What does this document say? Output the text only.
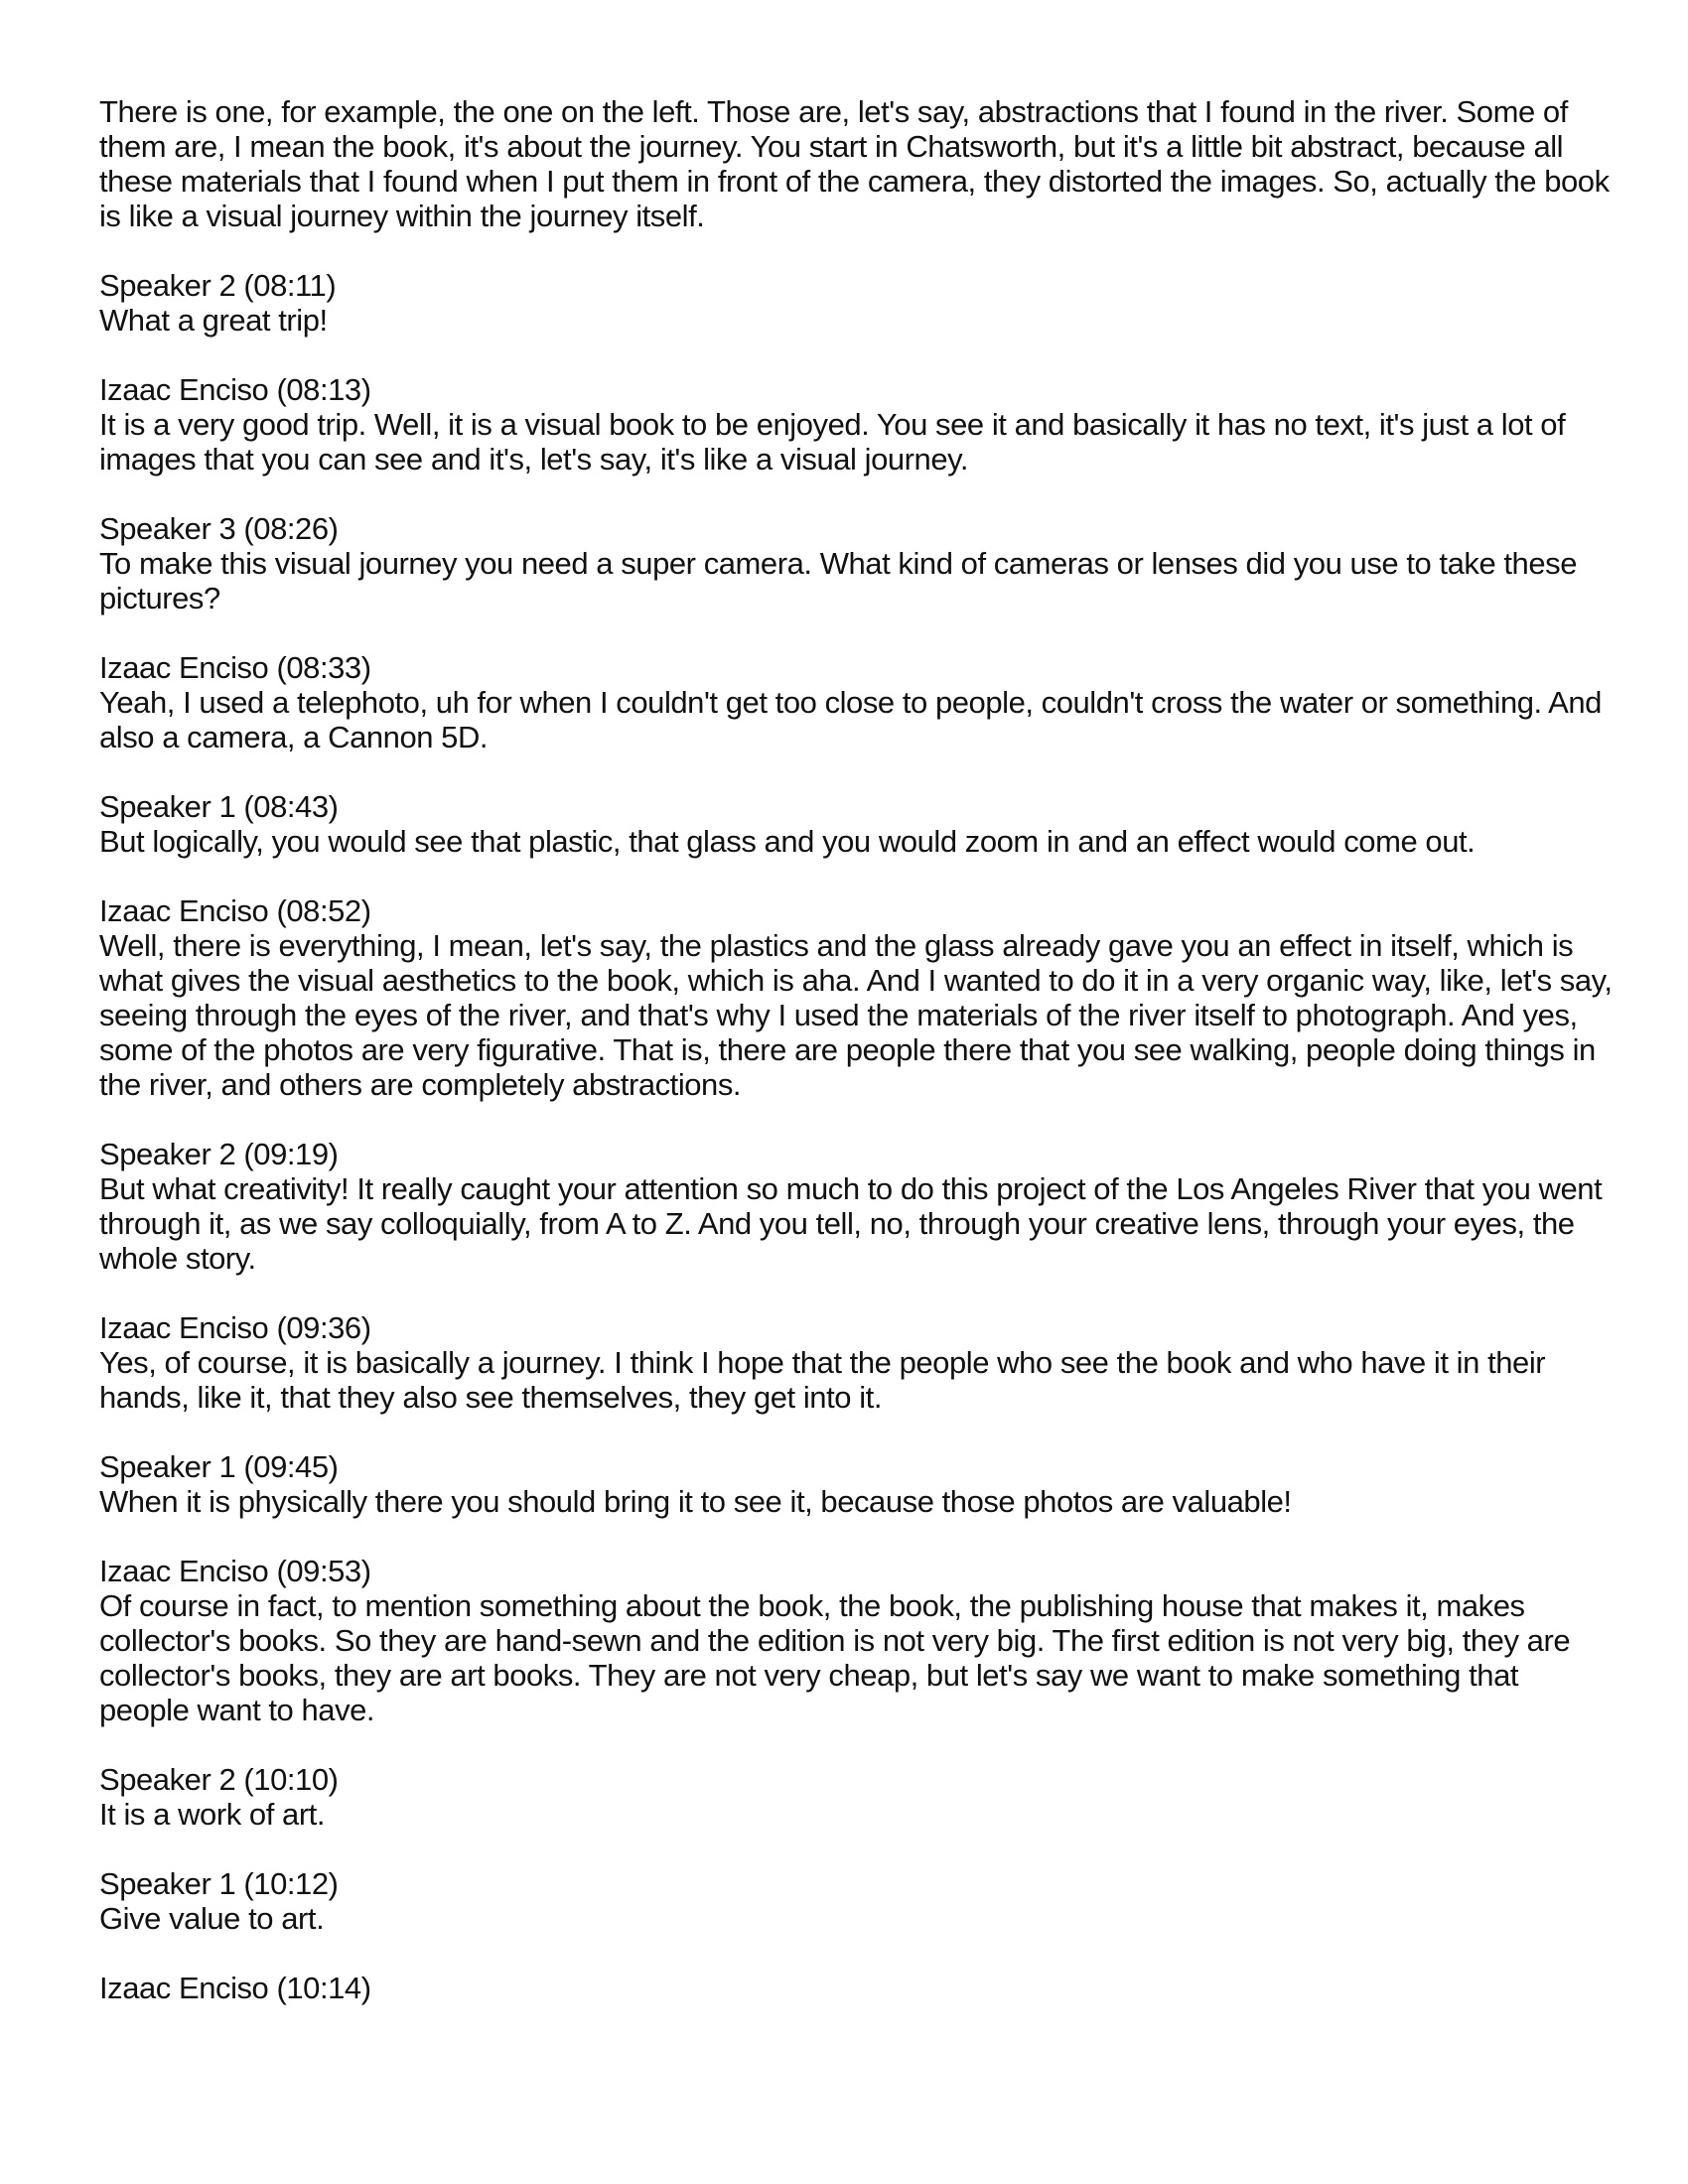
There is one, for example, the one on the left. Those are, let's say, abstractions that I found in the river. Some of them are, I mean the book, it's about the journey. You start in Chatsworth, but it's a little bit abstract, because all these materials that I found when I put them in front of the camera, they distorted the images. So, actually the book is like a visual journey within the journey itself.
Speaker 2 (08:11)
What a great trip!
Izaac Enciso (08:13)
It is a very good trip. Well, it is a visual book to be enjoyed. You see it and basically it has no text, it's just a lot of images that you can see and it's, let's say, it's like a visual journey.
Speaker 3 (08:26)
To make this visual journey you need a super camera. What kind of cameras or lenses did you use to take these pictures?
Izaac Enciso (08:33)
Yeah, I used a telephoto, uh for when I couldn't get too close to people, couldn't cross the water or something. And also a camera, a Cannon 5D.
Speaker 1 (08:43)
But logically, you would see that plastic, that glass and you would zoom in and an effect would come out.
Izaac Enciso (08:52)
Well, there is everything, I mean, let's say, the plastics and the glass already gave you an effect in itself, which is what gives the visual aesthetics to the book, which is aha. And I wanted to do it in a very organic way, like, let's say, seeing through the eyes of the river, and that's why I used the materials of the river itself to photograph. And yes, some of the photos are very figurative. That is, there are people there that you see walking, people doing things in the river, and others are completely abstractions.
Speaker 2 (09:19)
But what creativity! It really caught your attention so much to do this project of the Los Angeles River that you went through it, as we say colloquially, from A to Z. And you tell, no, through your creative lens, through your eyes, the whole story.
Izaac Enciso (09:36)
Yes, of course, it is basically a journey. I think I hope that the people who see the book and who have it in their hands, like it, that they also see themselves, they get into it.
Speaker 1 (09:45)
When it is physically there you should bring it to see it, because those photos are valuable!
Izaac Enciso (09:53)
Of course in fact, to mention something about the book, the book, the publishing house that makes it, makes collector's books. So they are hand-sewn and the edition is not very big. The first edition is not very big, they are collector's books, they are art books. They are not very cheap, but let's say we want to make something that people want to have.
Speaker 2 (10:10)
It is a work of art.
Speaker 1 (10:12)
Give value to art.
Izaac Enciso (10:14)
